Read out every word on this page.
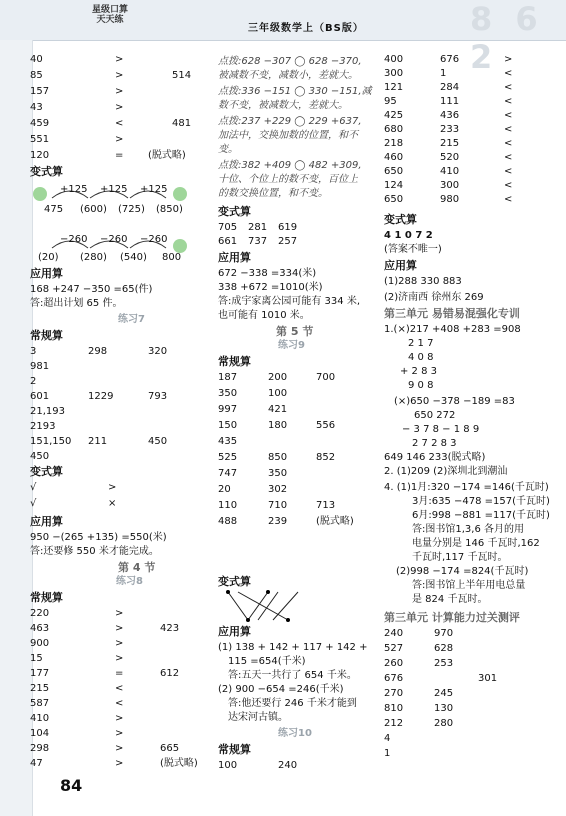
星级口算
天天练
三年级数学上（BS版）	8 6 2
40	>
85	>	514
157	>
43	>
459	<	481
551	>
120	= (脱式略)
变式算
+125 +125 +125
475 (600) (725) (850)
−260 −260 −260
(20) (280) (540) 800
应用算
168 +247 −350 =65(件)
答:超出计划 65 件。
练习7
常规算
3	298	320
981
2
601	1229	793
21,193
2193
151,150 211	450
450
变式算
√	>
√	×
应用算
950 −(265 +135) =550(米)
答:还要修 550 米才能完成。
第 4 节
练习8
常规算
220	>
463	>	423
900	>
15	>
177	=	612
215	<
587	<
410	>
104	>
298	>	665
47	>	(脱式略)
点拨:628 −307 ◯ 628 −370,
被减数不变，减数小，差就大。
点拨:336 −151 ◯ 330 −151,减
数不变，被减数大，差就大。
点拨:237 +229 ◯ 229 +637,
加法中，交换加数的位置，和不
变。
点拨:382 +409 ◯ 482 +309,
十位、个位上的数不变，百位上
的数交换位置，和不变。
变式算
705 281 619
661 737 257
应用算
672 −338 =334(米)
338 +672 =1010(米)
答:成宇家离公园可能有 334 米,
也可能有 1010 米。
第 5 节
练习9
常规算
187	200	700
350	100
997	421
150	180	556
435
525	850	852
747	350
20	302
110	710	713
488	239	(脱式略)
变式算
应用算
(1) 138 + 142 + 117 + 142 +
115 =654(千米)
答:五天一共行了 654 千米。
(2) 900 −654 =246(千米)
答:他还要行 246 千米才能到
达宋河古镇。
练习10
常规算
100	240
400	676	>
300	1	<
121	284	<
95	111	<
425	436	<
680	233	<
218	215	<
460	520	<
650	410	<
124	300	<
650	980	<
变式算
4 1 0 7 2
(答案不唯一)
应用算
(1)288 330 883
(2)济南西 徐州东 269
第三单元 易错易混强化专训
1.(×)217 +408 +283 =908
2 1 7
4 0 8
+ 2 8 3
9 0 8
(×)650 −378 −189 =83
650 272
− 3 7 8 − 1 8 9
2 7 2 8 3
649 146 233(脱式略)
2. (1)209 (2)深圳北到潮汕
4. (1)1月:320 −174 =146(千瓦时)
3月:635 −478 =157(千瓦时)
6月:998 −881 =117(千瓦时)
答:图书馆1,3,6 各月的用
电量分别是 146 千瓦时,162
千瓦时,117 千瓦时。
(2)998 −174 =824(千瓦时)
答:图书馆上半年用电总量
是 824 千瓦时。
第三单元 计算能力过关测评
240	970
527	628
260	253
676	301
270	245
810	130
212	280
4
1
84
